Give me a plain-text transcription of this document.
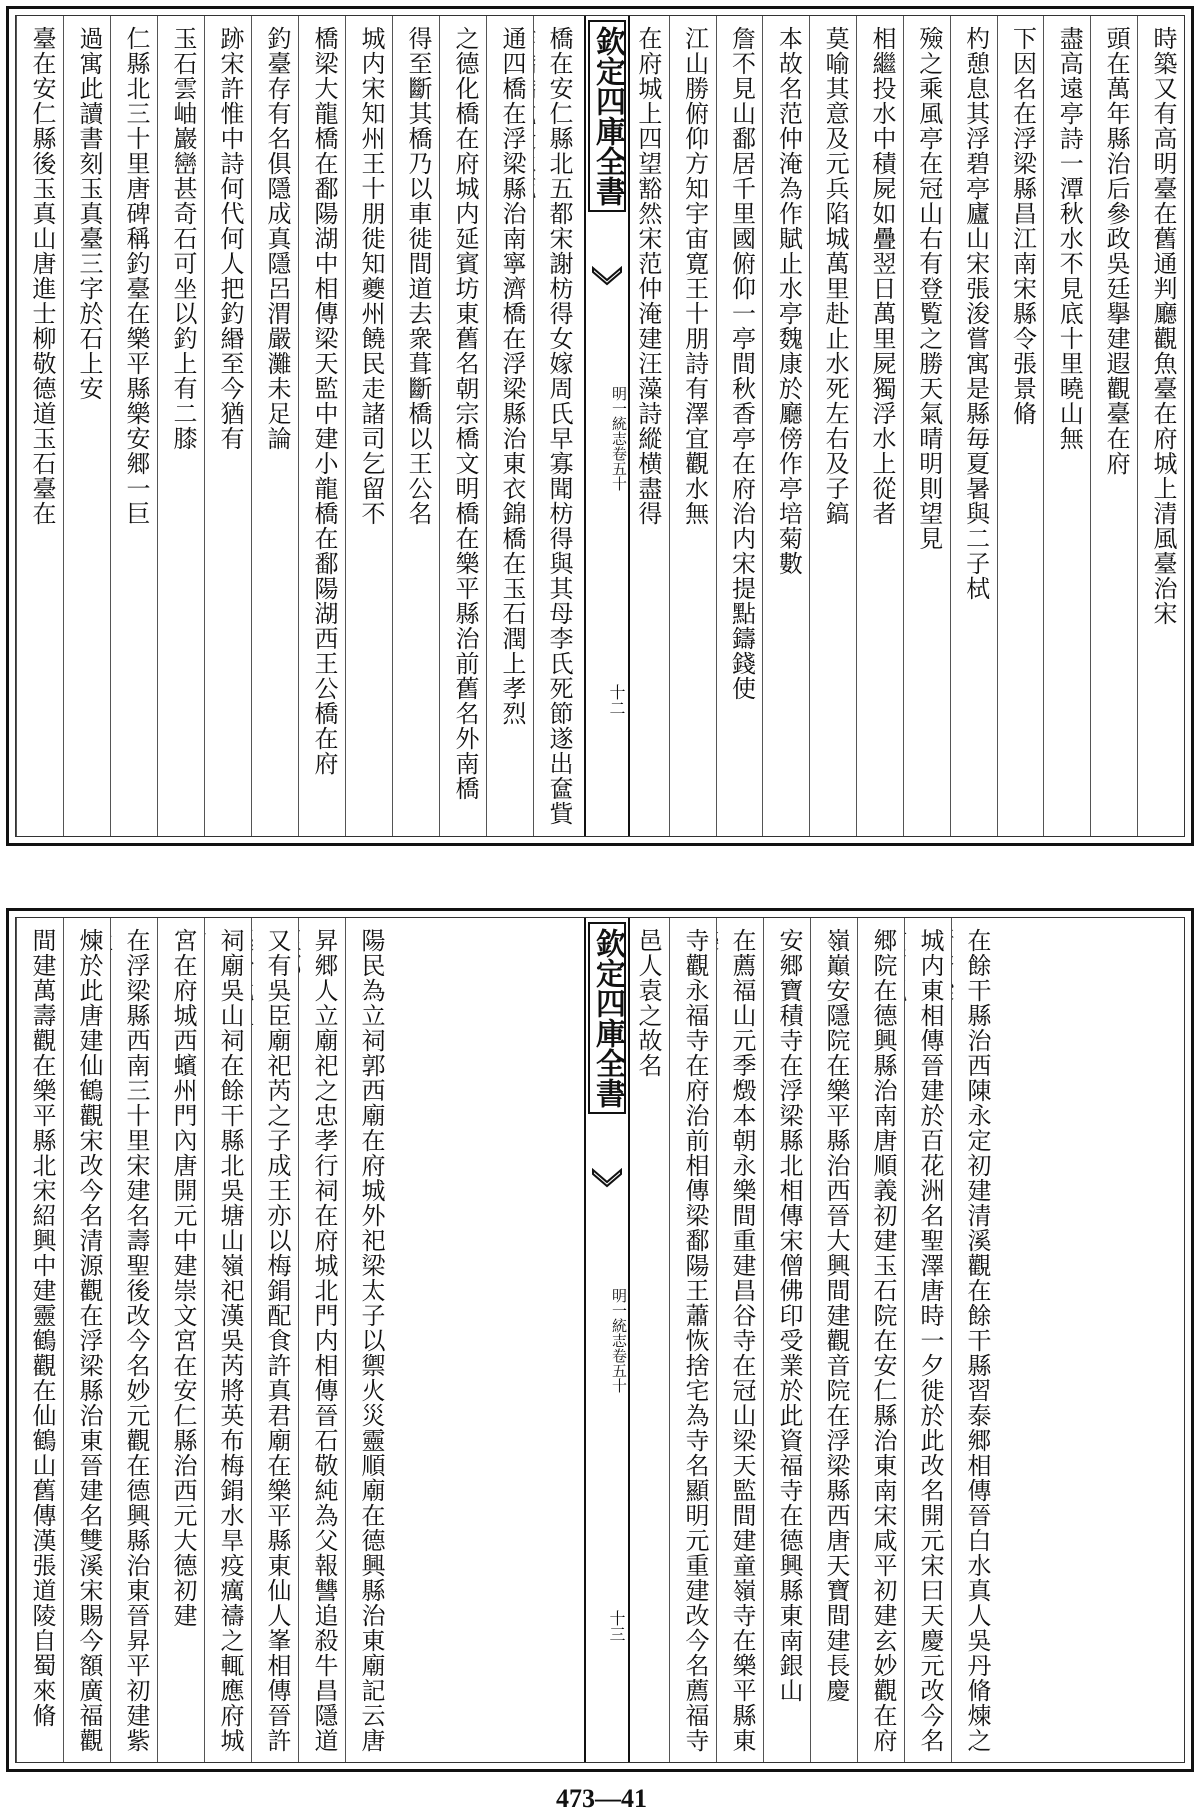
臺在安仁縣後玉真山唐進士柳敬德道玉石臺在 過寓此讀書刻玉真臺三字於石上安 仁縣北三十里唐碑稱釣臺在樂平縣樂安郷一巨 玉石雲岫巖巒甚奇石可坐以釣上有二膝 跡宋許惟中詩何代何人把釣緡至今猶有 釣臺存有名俱隱成真隱呂渭嚴灘未足論 橋梁大龍橋在鄱陽湖中相傳梁天監中建小龍橋在鄱陽湖西王公橋在府 城内宋知州王十朋徙知夔州饒民走諸司乞留不 得至斷其橋乃以車徙間道去衆葺斷橋以王公名 之德化橋在府城内延賓坊東舊名朝宗橋文明橋在樂平縣治前舊名外南橋 通四橋在浮梁縣治南寧濟橋在浮梁縣治東衣錦橋在玉石潤上孝烈 橋在安仁縣北五都宋謝枋得女嫁周氏早寡聞枋得與其母李氏死節遂出奩貲
欽定四庫全書
明一統志卷五十
十二
在府城上四望豁然宋范仲淹建汪藻詩縱横盡得 江山勝俯仰方知宇宙寛王十朋詩有澤宜觀水無 詹不見山鄱居千里國俯仰一亭間秋香亭在府治内宋提點鑄錢使 本故名范仲淹為作賦止水亭魏康於廳傍作亭培菊數 莫喻其意及元兵陷城萬里赴止水死左右及子鎬 相繼投水中積屍如疊翌日萬里屍獨浮水上從者 殮之乘風亭在冠山右有登覧之勝天氣晴明則望見 杓憩息其浮碧亭廬山宋張浚嘗寓是縣毎夏暑與二子栻 下因名在浮梁縣昌江南宋縣令張景脩 盡高遠亭詩一潭秋水不見底十里曉山無 頭在萬年縣治后參政吳廷擧建遐觀臺在府 時築又有高明臺在舊通判廳觀魚臺在府城上清風臺治宋
間建萬壽觀在樂平縣北宋紹興中建靈鶴觀在仙鶴山舊傳漢張道陵自蜀來脩 煉於此唐建仙鶴觀宋改今名清源觀在浮梁縣治東晉建名雙溪宋賜今額廣福觀 在浮梁縣西南三十里宋建名壽聖後改今名妙元觀在德興縣治東晉昇平初建紫
宮在府城西蠙州門內唐開元中建崇文宮在安仁縣治西元大德初建 祠廟吳山祠在餘干縣北吳塘山嶺祀漢吳芮將英布梅鋗水旱疫癘禱之輒應府城
又有吳臣廟祀芮之子成王亦以梅鋗配食許真君廟在樂平縣東仙人峯相傳晉許
昇郷人立廟祀之忠孝行祠在府城北門内相傳晉石敬純為父報讐追殺牛昌隱道 陽民為立祠郭西廟在府城外祀梁太子以禦火災靈順廟在德興縣治東廟記云唐	欽定四庫全書
明一統志卷五十
十三
邑人袁之故名 寺觀永福寺在府治前相傳梁鄱陽王蕭恢捨宅為寺名顯明元重建改今名薦福寺 在薦福山元季燬本朝永樂間重建昌谷寺在冠山梁天監間建童嶺寺在樂平縣東
安郷寶積寺在浮梁縣北相傳宋僧佛印受業於此資福寺在德興縣東南銀山 嶺巔安隱院在樂平縣治西晉大興間建觀音院在浮梁縣西唐天寶間建長慶 郷院在德興縣治南唐順義初建玉石院在安仁縣治東南宋咸平初建玄妙觀在府 城内東相傳晉建於百花洲名聖澤唐時一夕徙於此改名開元宋曰天慶元改今名
在餘干縣治西陳永定初建清溪觀在餘干縣習泰郷相傳晉白水真人吳丹脩煉之
473—41
